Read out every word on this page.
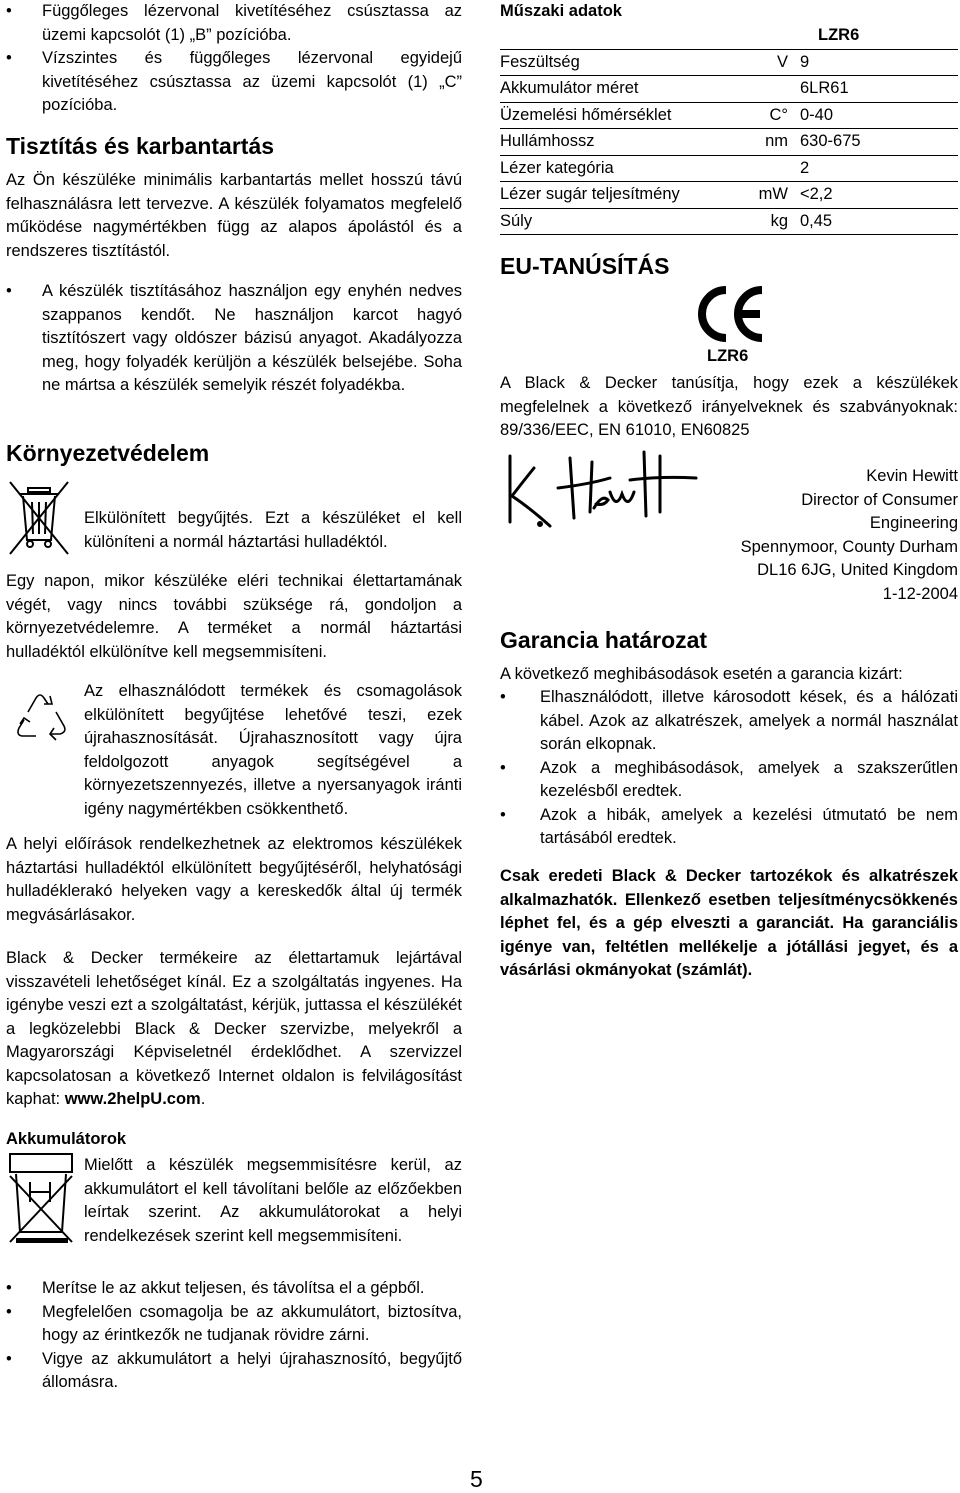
• Függőleges lézervonal kivetítéséhez csúsztassa az üzemi kapcsolót (1) „B” pozícióba.
• Vízszintes és függőleges lézervonal egyidejű kivetítéséhez csúsztassa az üzemi kapcsolót (1) „C” pozícióba.
Tisztítás és karbantartás

Az Ön készüléke minimális karbantartás mellet hosszú távú felhasználásra lett tervezve. A készülék folyamatos megfelelő működése nagymértékben függ az alapos ápolástól és a rendszeres tisztítástól.

• A készülék tisztításához használjon egy enyhén nedves szappanos kendőt. Ne használjon karcot hagyó tisztítószert vagy oldószer bázisú anyagot. Akadályozza meg, hogy folyadék kerüljön a készülék belsejébe. Soha ne mártsa a készülék semelyik részét folyadékba.
Környezetvédelem

Elkülönített begyűjtés. Ezt a készüléket el kell különíteni a normál háztartási hulladéktól.

Egy napon, mikor készüléke eléri technikai élettartamának végét, vagy nincs további szüksége rá, gondoljon a környezetvédelemre. A terméket a normál háztartási hulladéktól elkülönítve kell megsemmisíteni.

Az elhasználódott termékek és csomagolások elkülönített begyűjtése lehetővé teszi, ezek újrahasznosítását. Újrahasznosított vagy újra feldolgozott anyagok segítségével a környezetszennyezés, illetve a nyersanyagok iránti igény nagymértékben csökkenthető.

A helyi előírások rendelkezhetnek az elektromos készülékek háztartási hulladéktól elkülönített begyűjtéséről, helyhatósági hulladéklerakó helyeken vagy a kereskedők által új termék megvásárlásakor.

Black & Decker termékeire az élettartamuk lejártával visszavételi lehetőséget kínál. Ez a szolgáltatás ingyenes. Ha igénybe veszi ezt a szolgáltatást, kérjük, juttassa el készülékét a legközelebbi Black & Decker szervizbe, melyekről a Magyarországi Képviseletnél érdeklődhet. A szervizzel kapcsolatosan a következő Internet oldalon is felvilágosítást kaphat: www.2helpU.com.

Akkumulátorok

Mielőtt a készülék megsemmisítésre kerül, az akkumulátort el kell távolítani belőle az előzőekben leírtak szerint. Az akkumulátorokat a helyi rendelkezések szerint kell megsemmisíteni.

• Merítse le az akkut teljesen, és távolítsa el a gépből.
• Megfelelően csomagolja be az akkumulátort, biztosítva, hogy az érintkezők ne tudjanak rövidre zárni.
• Vigye az akkumulátort a helyi újrahasznosító, begyűjtő állomásra.
Műszaki adatok
		LZR6
Feszültség	V	9
Akkumulátor méret		6LR61
Üzemelési hőmérséklet	C°	0-40
Hullámhossz	nm	630-675
Lézer kategória		2
Lézer sugár teljesítmény	mW	<2,2
Súly	kg	0,45
EU-TANÚSÍTÁS
LZR6

A Black & Decker tanúsítja, hogy ezek a készülékek megfelelnek a következő irányelveknek és szabványoknak: 89/336/EEC, EN 61010, EN60825

Kevin Hewitt
Director of Consumer
Engineering
Spennymoor, County Durham
DL16 6JG, United Kingdom
1-12-2004
Garancia határozat

A következő meghibásodások esetén a garancia kizárt:

• Elhasználódott, illetve károsodott kések, és a hálózati kábel. Azok az alkatrészek, amelyek a normál használat során elkopnak.
• Azok a meghibásodások, amelyek a szakszerűtlen kezelésből eredtek.
• Azok a hibák, amelyek a kezelési útmutató be nem tartásából eredtek.

Csak eredeti Black & Decker tartozékok és alkatrészek alkalmazhatók. Ellenkező esetben teljesítménycsökkenés léphet fel, és a gép elveszti a garanciát. Ha garanciális igénye van, feltétlen mellékelje a jótállási jegyet, és a vásárlási okmányokat (számlát).

5
